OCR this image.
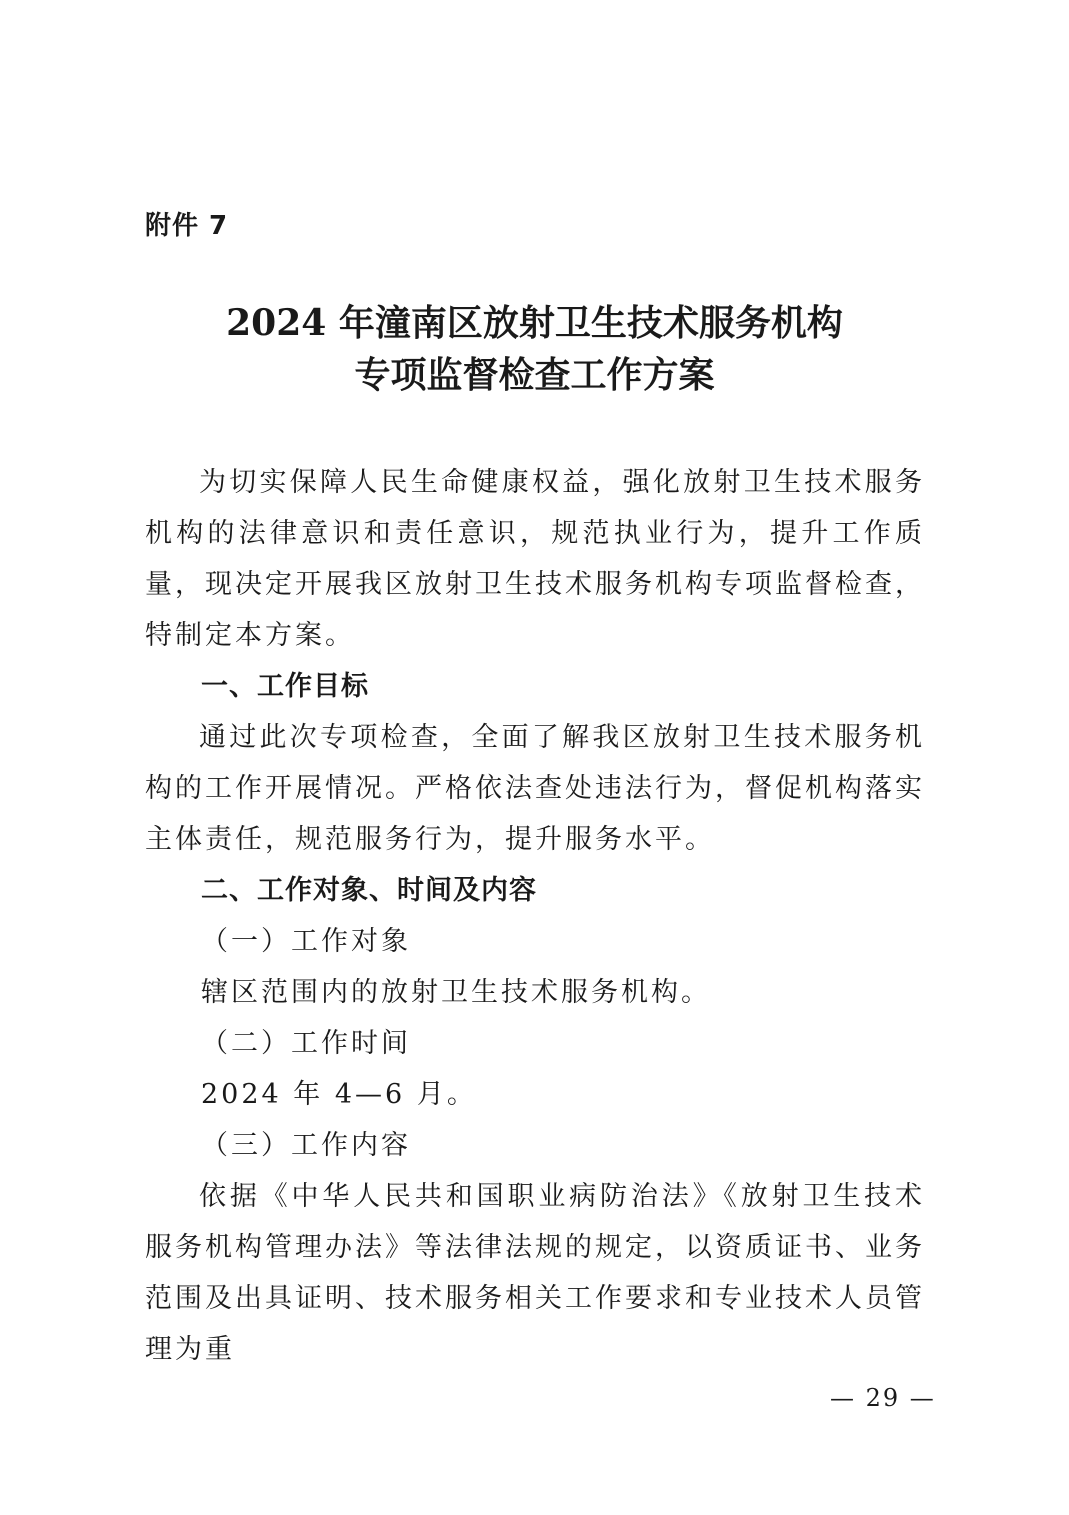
附件 7
2024 年潼南区放射卫生技术服务机构
专项监督检查工作方案

为切实保障人民生命健康权益，强化放射卫生技术服务机构的法律意识和责任意识，规范执业行为，提升工作质量，现决定开展我区放射卫生技术服务机构专项监督检查，特制定本方案。

一、工作目标

通过此次专项检查，全面了解我区放射卫生技术服务机构的工作开展情况。严格依法查处违法行为，督促机构落实主体责任，规范服务行为，提升服务水平。

二、工作对象、时间及内容

（一）工作对象

辖区范围内的放射卫生技术服务机构。

（二）工作时间

2024 年 4—6 月。

（三）工作内容

依据《中华人民共和国职业病防治法》《放射卫生技术服务机构管理办法》等法律法规的规定，以资质证书、业务范围及出具证明、技术服务相关工作要求和专业技术人员管理为重

— 29 —
